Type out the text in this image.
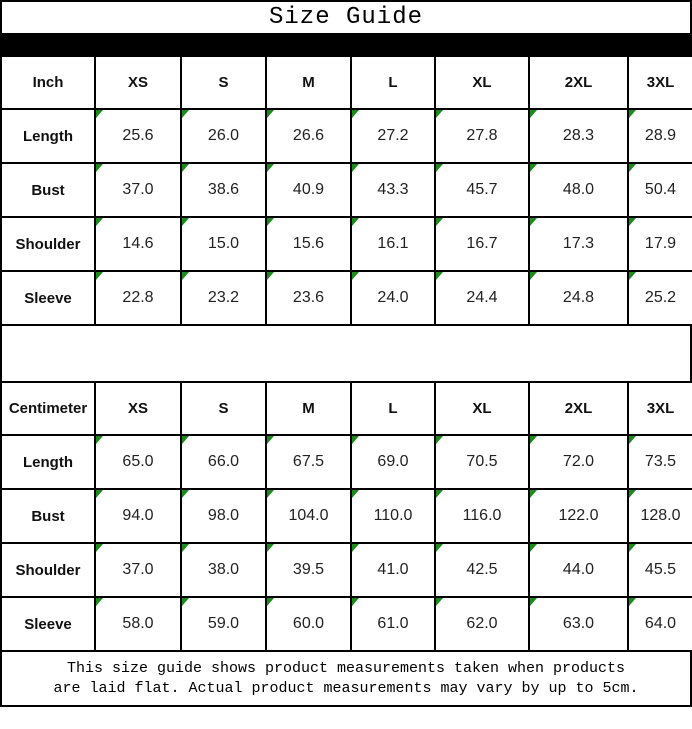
Size Guide
Inch	XS	S	M	L	XL	2XL	3XL
Length	25.6	26.0	26.6	27.2	27.8	28.3	28.9
Bust	37.0	38.6	40.9	43.3	45.7	48.0	50.4
Shoulder	14.6	15.0	15.6	16.1	16.7	17.3	17.9
Sleeve	22.8	23.2	23.6	24.0	24.4	24.8	25.2
Centimeter	XS	S	M	L	XL	2XL	3XL
Length	65.0	66.0	67.5	69.0	70.5	72.0	73.5
Bust	94.0	98.0	104.0	110.0	116.0	122.0	128.0
Shoulder	37.0	38.0	39.5	41.0	42.5	44.0	45.5
Sleeve	58.0	59.0	60.0	61.0	62.0	63.0	64.0
This size guide shows product measurements taken when products
are laid flat. Actual product measurements may vary by up to 5cm.
